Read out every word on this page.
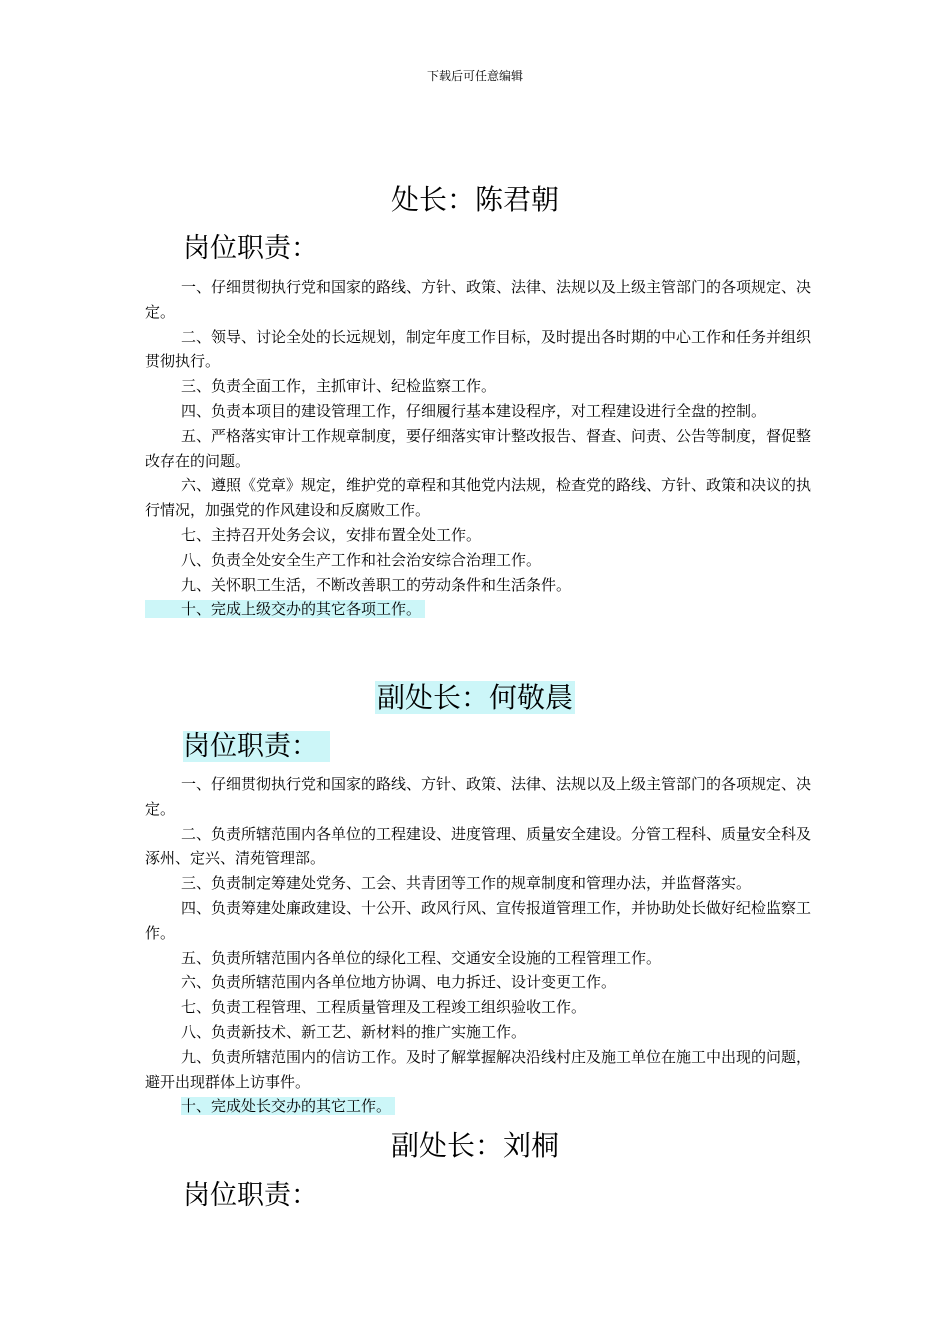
下载后可任意编辑
处长：陈君朝
岗位职责：

一、仔细贯彻执行党和国家的路线、方针、政策、法律、法规以及上级主管部门的各项规定、决定。

二、领导、讨论全处的长远规划，制定年度工作目标，及时提出各时期的中心工作和任务并组织贯彻执行。

三、负责全面工作，主抓审计、纪检监察工作。

四、负责本项目的建设管理工作，仔细履行基本建设程序，对工程建设进行全盘的控制。

五、严格落实审计工作规章制度，要仔细落实审计整改报告、督查、问责、公告等制度，督促整改存在的问题。

六、遵照《党章》规定，维护党的章程和其他党内法规，检查党的路线、方针、政策和决议的执行情况，加强党的作风建设和反腐败工作。

七、主持召开处务会议，安排布置全处工作。

八、负责全处安全生产工作和社会治安综合治理工作。

九、关怀职工生活，不断改善职工的劳动条件和生活条件。

十、完成上级交办的其它各项工作。

副处长：何敬晨
岗位职责：

一、仔细贯彻执行党和国家的路线、方针、政策、法律、法规以及上级主管部门的各项规定、决定。

二、负责所辖范围内各单位的工程建设、进度管理、质量安全建设。分管工程科、质量安全科及涿州、定兴、清苑管理部。

三、负责制定筹建处党务、工会、共青团等工作的规章制度和管理办法，并监督落实。

四、负责筹建处廉政建设、十公开、政风行风、宣传报道管理工作，并协助处长做好纪检监察工作。

五、负责所辖范围内各单位的绿化工程、交通安全设施的工程管理工作。

六、负责所辖范围内各单位地方协调、电力拆迁、设计变更工作。

七、负责工程管理、工程质量管理及工程竣工组织验收工作。

八、负责新技术、新工艺、新材料的推广实施工作。

九、负责所辖范围内的信访工作。及时了解掌握解决沿线村庄及施工单位在施工中出现的问题，避开出现群体上访事件。

十、完成处长交办的其它工作。

副处长：刘桐
岗位职责：
